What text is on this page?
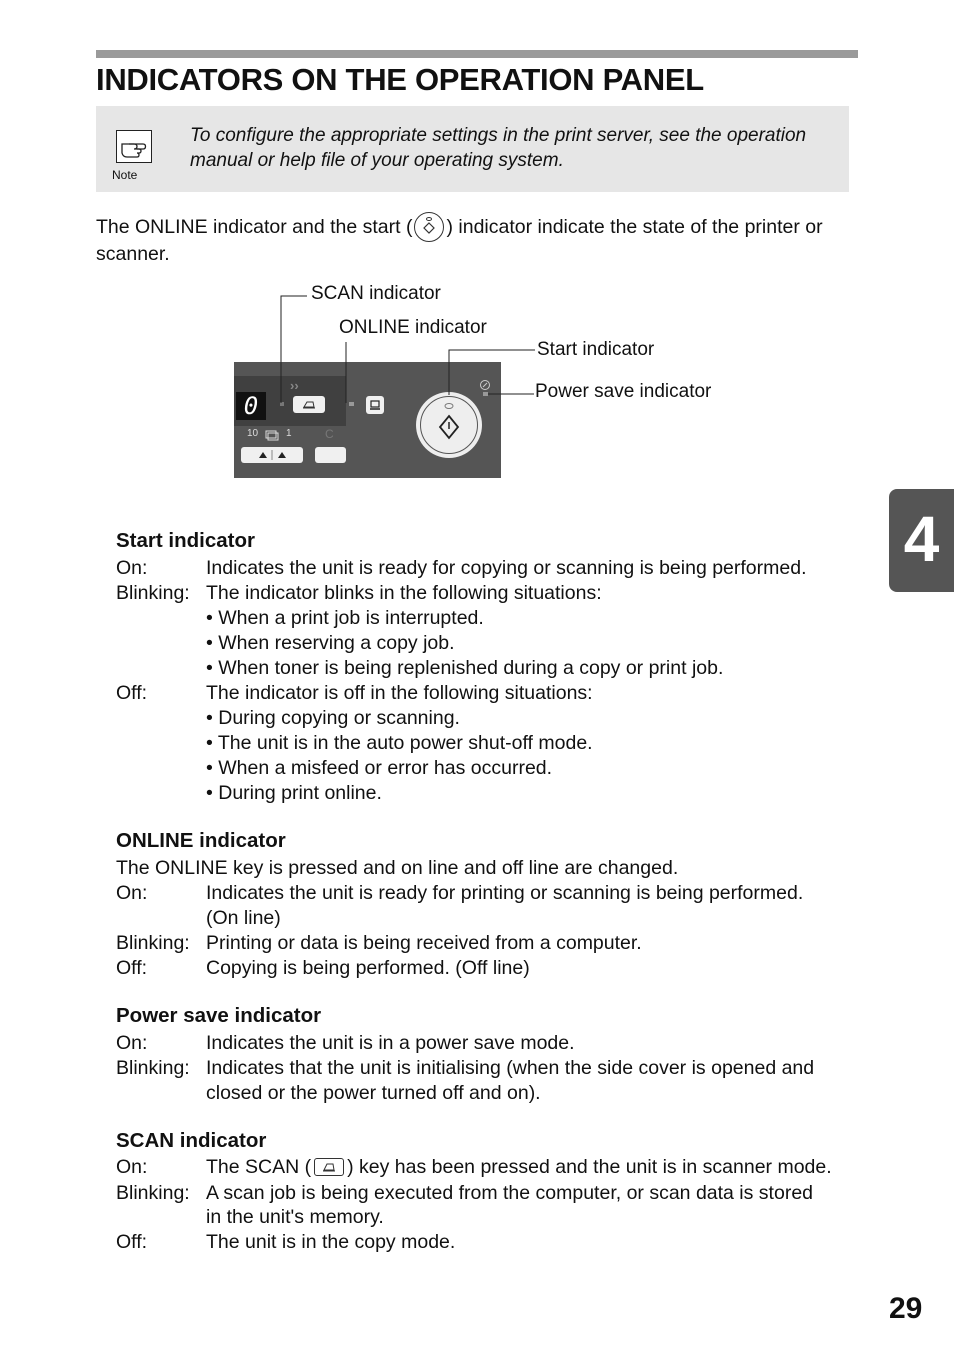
INDICATORS ON THE OPERATION PANEL
Note
To configure the appropriate settings in the print server, see the operation manual or help file of your operating system.
The ONLINE indicator and the start ( ) indicator indicate the state of the printer or scanner.
0
››
10	1	C
SCAN indicator
ONLINE indicator
Start indicator
Power save indicator
Start indicator
On:	Indicates the unit is ready for copying or scanning is being performed.
Blinking: The indicator blinks in the following situations:
• When a print job is interrupted.
• When reserving a copy job.
• When toner is being replenished during a copy or print job.
Off:	The indicator is off in the following situations:
• During copying or scanning.
• The unit is in the auto power shut-off mode.
• When a misfeed or error has occurred.
• During print online.
ONLINE indicator
The ONLINE key is pressed and on line and off line are changed.
On:	Indicates the unit is ready for printing or scanning is being performed.
(On line)
Blinking: Printing or data is being received from a computer.
Off:	Copying is being performed. (Off line)
Power save indicator
On:	Indicates the unit is in a power save mode.
Blinking: Indicates that the unit is initialising (when the side cover is opened and
closed or the power turned off and on).
SCAN indicator
On:	The SCAN ( ) key has been pressed and the unit is in scanner mode.
Blinking: A scan job is being executed from the computer, or scan data is stored
in the unit's memory.
Off:	The unit is in the copy mode.
4
29
